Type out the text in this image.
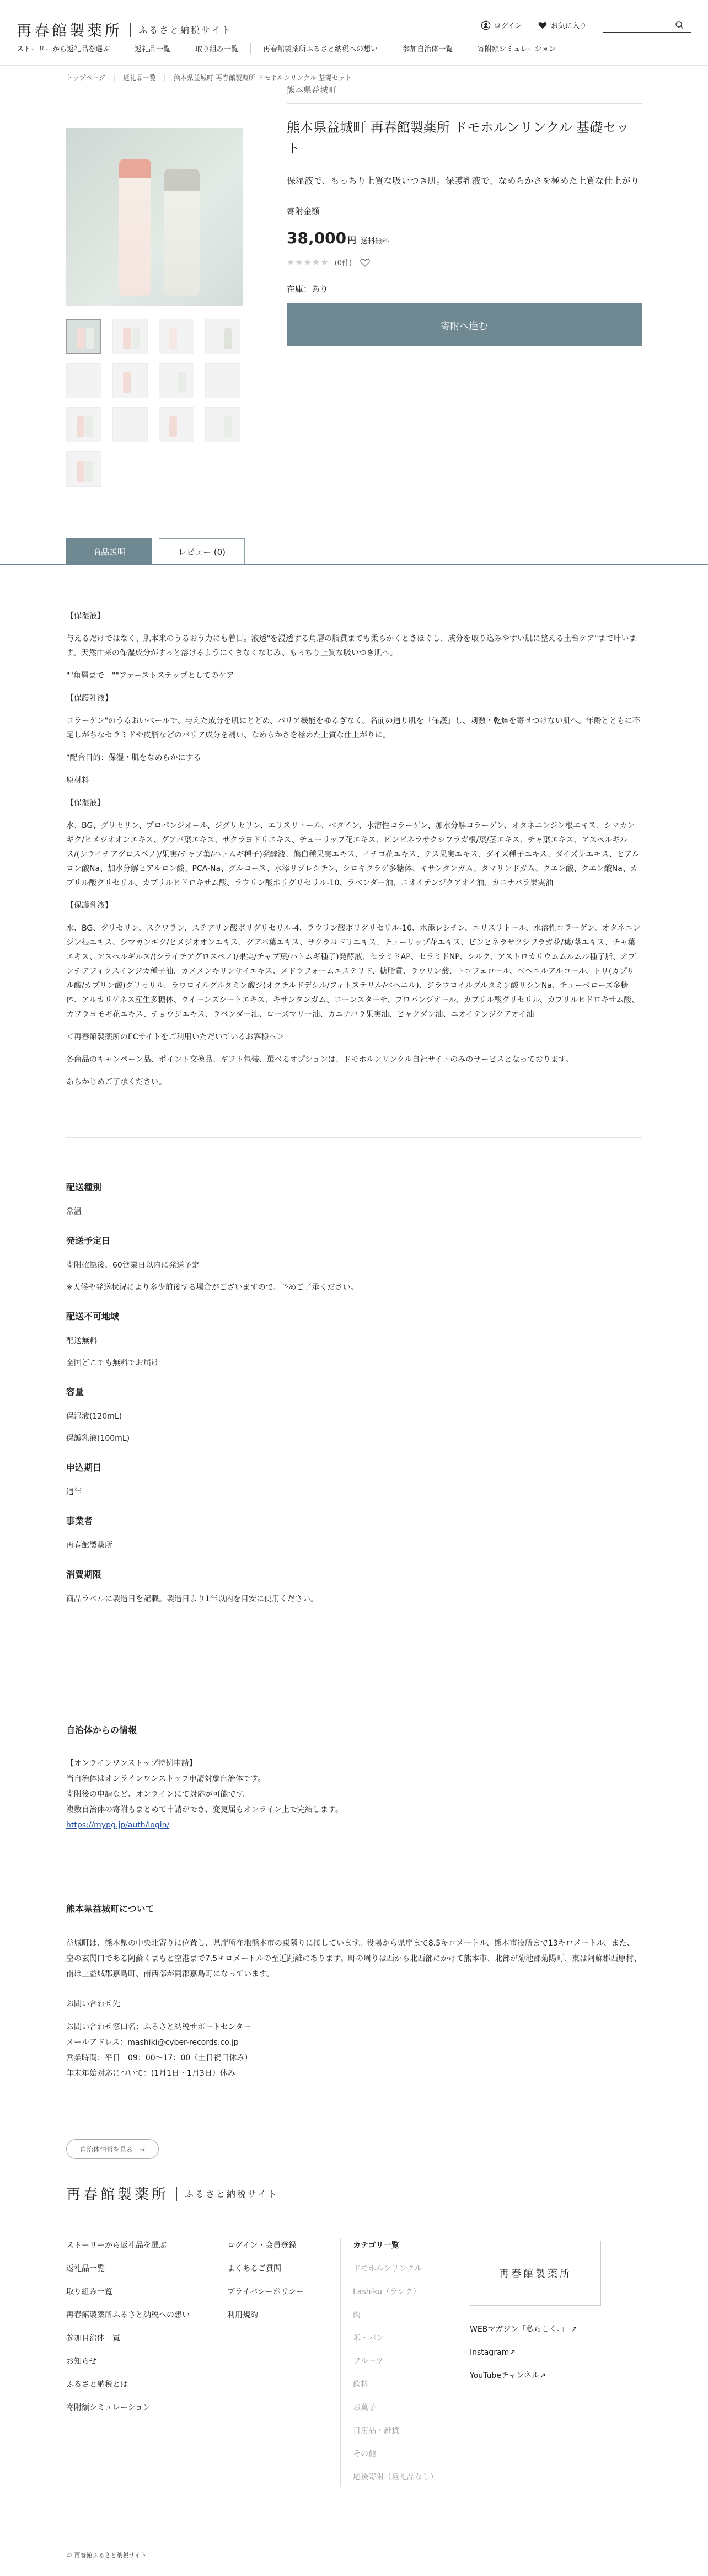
再春館製薬所 ふるさと納税サイト
ストーリーから返礼品を選ぶ	返礼品一覧	取り組み一覧	再春館製薬所ふるさと納税への想い	参加自治体一覧	寄附額シミュレーション
ログイン	お気に入り
トップページ | 返礼品一覧 | 熊本県益城町 再春館製薬所 ドモホルンリンクル 基礎セット
熊本県益城町
熊本県益城町 再春館製薬所 ドモホルンリンクル 基礎セット
保湿液で、もっちり上質な吸いつき肌。保護乳液で、なめらかさを極めた上質な仕上がり
寄附金額
38,000 円 送料無料
★★★★★ (0件)
在庫：あり
寄附へ進む
商品説明	レビュー (0)

【保湿液】

与えるだけではなく、肌本来のうるおう力にも着目。液透"を浸透する角層の脂質までも柔らかくときほぐし、成分を取り込みやすい肌に整える土台ケア"まで叶います。天然由来の保湿成分がすっと溶けるようにくまなくなじみ、もっちり上質な吸いつき肌へ。

""角層まで　""ファーストステップとしてのケア

【保護乳液】

コラーゲン"のうるおいベールで、与えた成分を肌にとどめ、バリア機能をゆるぎなく。名前の通り肌を「保護」し、刺激・乾燥を寄せつけない肌へ。年齢とともに不足しがちなセラミドや皮脂などのバリア成分を補い、なめらかさを極めた上質な仕上がりに。

"配合目的：保湿・肌をなめらかにする

原材料

【保湿液】

水、BG、グリセリン、プロパンジオール、ジグリセリン、エリスリトール、ベタイン、水溶性コラーゲン、加水分解コラーゲン、オタネニンジン根エキス、シマカンギク/ヒメジオオンエキス、グアバ葉エキス、サクラヨドリエキス、チューリップ花エキス、ビンピネラサクシフラガ根/葉/茎エキス、チャ葉エキス、アスペルギルス/(シライチアグロスペノ)/果実/チャブ葉/ハトムギ種子)発酵液、熊白種果実エキス、イチゴ花エキス、テス果実エキス、ダイズ種子エキス、ダイズ芽エキス、ヒアルロン酸Na、加水分解ヒアルロン酸、PCA-Na、グルコース、水添リゾレシチン、シロキクラゲ多糖体、キサンタンガム、タマリンドガム、クエン酸、クエン酸Na、カプリル酸グリセリル、カプリルヒドロキサム酸、ラウリン酸ポリグリセリル-10、ラベンダー油、ニオイテンジクアオイ油、カニナバラ果実油

【保護乳液】

水、BG、グリセリン、スクワラン、ステアリン酸ポリグリセリル-4、ラウリン酸ポリグリセリル-10、水添レシチン、エリスリトール、水溶性コラーゲン、オタネニンジン根エキス、シマカンギク/ヒメジオオンエキス、グアバ葉エキス、サクラヨドリエキス、チューリップ花エキス、ビンピネラサクシフラガ花/葉/茎エキス、チャ葉エキス、アスペルギルス/(シライチアグロスペノ)/果実/チャブ葉/ハトムギ種子)発酵液、セラミドAP、セラミドNP、シルク、アストロカリウムムルムル種子脂、オプンチアフィクスインジカ種子油、カメメンキリンサイエキス、メドウフォームエステリド、糖脂質、ラウリン酸、トコフェロール、ベヘニルアルコール、トリ(カプリル酸/カプリン酸)グリセリル、ラウロイルグルタミン酸ジ(オクチルドデシル/フィトステリル/ベヘニル)、ジラウロイルグルタミン酸リシンNa、チューベローズ多糖体、アルカリゲネス産生多糖体、クイーンズシートエキス、キサンタンガム、コーンスターチ、プロパンジオール、カプリル酸グリセリル、カプリルヒドロキサム酸、カワラヨモギ花エキス、チョウジエキス、ラベンダー油、ローズマリー油、カニナバラ果実油、ビャクダン油、ニオイテンジクアオイ油

＜再春館製薬所のECサイトをご利用いただいているお客様へ＞

各商品のキャンペーン品、ポイント交換品、ギフト包装、選べるオプションは、ドモホルンリンクル自社サイトのみのサービスとなっております。

あらかじめご了承ください。

配送種別
常温
発送予定日
寄附確認後、60営業日以内に発送予定
※天候や発送状況により多少前後する場合がございますので、予めご了承ください。
配送不可地域
配送無料
全国どこでも無料でお届け
容量
保湿液(120mL)
保護乳液(100mL)
申込期日
通年
事業者
再春館製薬所
消費期限
商品ラベルに製造日を記載。製造日より1年以内を目安に使用ください。
自治体からの情報

【オンラインワンストップ特例申請】

当自治体はオンラインワンストップ申請対象自治体です。

寄附後の申請など、オンラインにて対応が可能です。

複数自治体の寄附もまとめて申請ができ、変更届もオンライン上で完結します。

https://mypg.jp/auth/login/

熊本県益城町について

益城町は、熊本県の中央北寄りに位置し、県庁所在地熊本市の東隣りに接しています。役場から県庁まで8.5キロメートル、熊本市役所まで13キロメートル、また、空の玄関口である阿蘇くまもと空港まで7.5キロメートルの至近距離にあります。町の周りは西から北西部にかけて熊本市、北部が菊池郡菊陽町、東は阿蘇郡西原村、南は上益城郡嘉島町、南西部が同郡嘉島町になっています。

お問い合わせ先

お問い合わせ窓口名：ふるさと納税サポートセンター

メールアドレス：mashiki@cyber-records.co.jp

営業時間：平日　09：00〜17：00（土日祝日休み）

年末年始対応について：(1月1日〜1月3日）休み

自治体情報を見る　→
再春館製薬所 ふるさと納税サイト
ストーリーから返礼品を選ぶ
返礼品一覧
取り組み一覧
再春館製薬所ふるさと納税への想い
参加自治体一覧
お知らせ
ふるさと納税とは
寄附額シミュレーション
ログイン・会員登録
よくあるご質問
プライバシーポリシー
利用規約
カテゴリ一覧
ドモホルンリンクル
Lashiku（ラシク）
肉
米・パン
フルーツ
飲料
お菓子
日用品・雑貨
その他
応援寄附（返礼品なし）
再春館製薬所
WEBマガジン「私らしく。」 ↗
Instagram↗
YouTubeチャンネル↗
© 再春館ふるさと納税サイト
